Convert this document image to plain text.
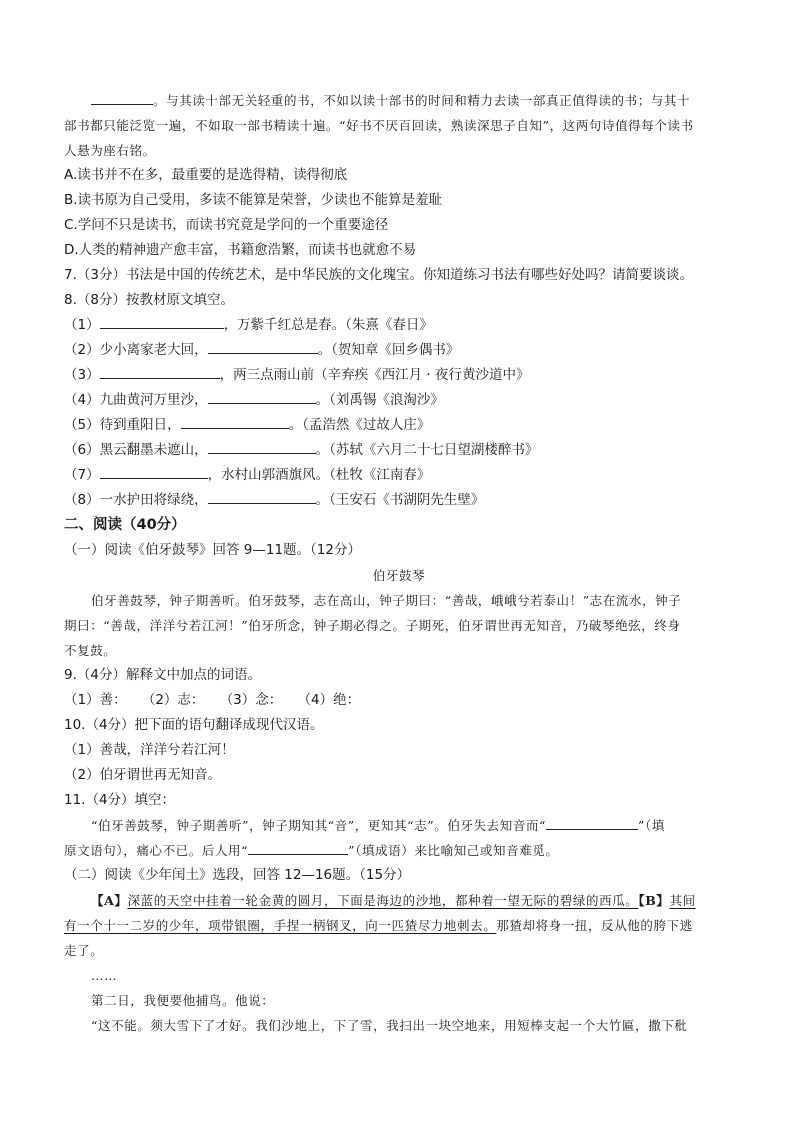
。与其读十部无关轻重的书，不如以读十部书的时间和精力去读一部真正值得读的书；与其十
部书都只能泛览一遍，不如取一部书精读十遍。“好书不厌百回读，熟读深思子自知”，这两句诗值得每个读书
人悬为座右铭。
A.读书并不在多，最重要的是选得精，读得彻底
B.读书原为自己受用，多读不能算是荣誉，少读也不能算是羞耻
C.学问不只是读书，而读书究竟是学问的一个重要途径
D.人类的精神遗产愈丰富，书籍愈浩繁，而读书也就愈不易
7.（3分）书法是中国的传统艺术，是中华民族的文化瑰宝。你知道练习书法有哪些好处吗？请简要谈谈。
8.（8分）按教材原文填空。
（1）	，万紫千红总是春。（朱熹《春日》
（2）少小离家老大回，	。（贺知章《回乡偶书》
（3）	，两三点雨山前（辛弃疾《西江月 · 夜行黄沙道中》
（4）九曲黄河万里沙，	。（刘禹锡《浪淘沙》
（5）待到重阳日，	。（孟浩然《过故人庄》
（6）黑云翻墨未遮山，	。（苏轼《六月二十七日望湖楼醉书》
（7）	，水村山郭酒旗风。（杜牧《江南春》
（8）一水护田将绿绕，	。（王安石《书湖阴先生壁》
二、阅读（40分）
（一）阅读《伯牙鼓琴》回答 9—11题。（12分）
伯牙鼓琴
伯牙善鼓琴，钟子期善听。伯牙鼓琴，志在高山，钟子期曰：“善哉，峨峨兮若泰山！”志在流水，钟子
期曰：“善哉，洋洋兮若江河！”伯牙所念，钟子期必得之。子期死，伯牙谓世再无知音，乃破琴绝弦，终身
不复鼓。
9.（4分）解释文中加点的词语。
（1）善： （2）志： （3）念： （4）绝：
10.（4分）把下面的语句翻译成现代汉语。
（1）善哉，洋洋兮若江河！
（2）伯牙谓世再无知音。
11.（4分）填空：
“伯牙善鼓琴，钟子期善听”，钟子期知其“音”，更知其“志”。伯牙失去知音而“	”（填
原文语句），痛心不已。后人用“	”（填成语）来比喻知己或知音难觅。
（二）阅读《少年闰土》选段，回答 12—16题。（15分）
【A】深蓝的天空中挂着一轮金黄的圆月，下面是海边的沙地，都种着一望无际的碧绿的西瓜。【B】其间
有一个十一二岁的少年，项带银圈，手捏一柄钢叉，向一匹猹尽力地刺去。那猹却将身一扭，反从他的胯下逃
走了。
……
第二日，我便要他捕鸟。他说：
“这不能。须大雪下了才好。我们沙地上，下了雪，我扫出一块空地来，用短棒支起一个大竹匾，撒下秕
